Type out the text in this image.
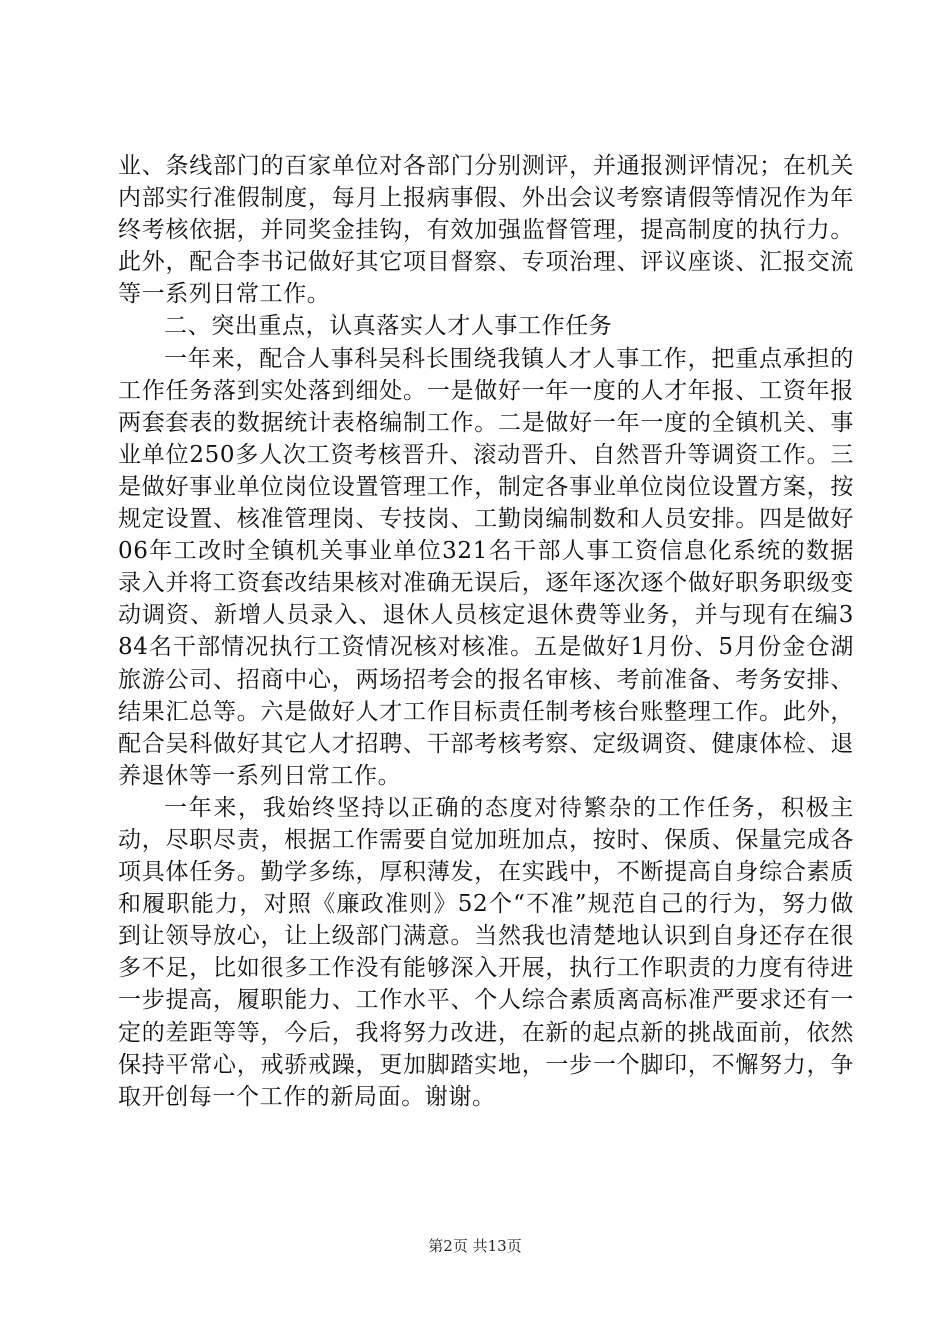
业、条线部门的百家单位对各部门分别测评，并通报测评情况；在机关内部实行准假制度，每月上报病事假、外出会议考察请假等情况作为年终考核依据，并同奖金挂钩，有效加强监督管理，提高制度的执行力。此外，配合李书记做好其它项目督察、专项治理、评议座谈、汇报交流等一系列日常工作。

二、突出重点，认真落实人才人事工作任务

一年来，配合人事科吴科长围绕我镇人才人事工作，把重点承担的工作任务落到实处落到细处。一是做好一年一度的人才年报、工资年报两套套表的数据统计表格编制工作。二是做好一年一度的全镇机关、事业单位250多人次工资考核晋升、滚动晋升、自然晋升等调资工作。三是做好事业单位岗位设置管理工作，制定各事业单位岗位设置方案，按规定设置、核准管理岗、专技岗、工勤岗编制数和人员安排。四是做好06年工改时全镇机关事业单位321名干部人事工资信息化系统的数据录入并将工资套改结果核对准确无误后，逐年逐次逐个做好职务职级变动调资、新增人员录入、退休人员核定退休费等业务，并与现有在编384名干部情况执行工资情况核对核准。五是做好1月份、5月份金仓湖旅游公司、招商中心，两场招考会的报名审核、考前准备、考务安排、结果汇总等。六是做好人才工作目标责任制考核台账整理工作。此外，配合吴科做好其它人才招聘、干部考核考察、定级调资、健康体检、退养退休等一系列日常工作。

一年来，我始终坚持以正确的态度对待繁杂的工作任务，积极主动，尽职尽责，根据工作需要自觉加班加点，按时、保质、保量完成各项具体任务。勤学多练，厚积薄发，在实践中，不断提高自身综合素质和履职能力，对照《廉政准则》52个“不准”规范自己的行为，努力做到让领导放心，让上级部门满意。当然我也清楚地认识到自身还存在很多不足，比如很多工作没有能够深入开展，执行工作职责的力度有待进一步提高，履职能力、工作水平、个人综合素质离高标准严要求还有一定的差距等等，今后，我将努力改进，在新的起点新的挑战面前，依然保持平常心，戒骄戒躁，更加脚踏实地，一步一个脚印，不懈努力，争取开创每一个工作的新局面。谢谢。

第2页 共13页
